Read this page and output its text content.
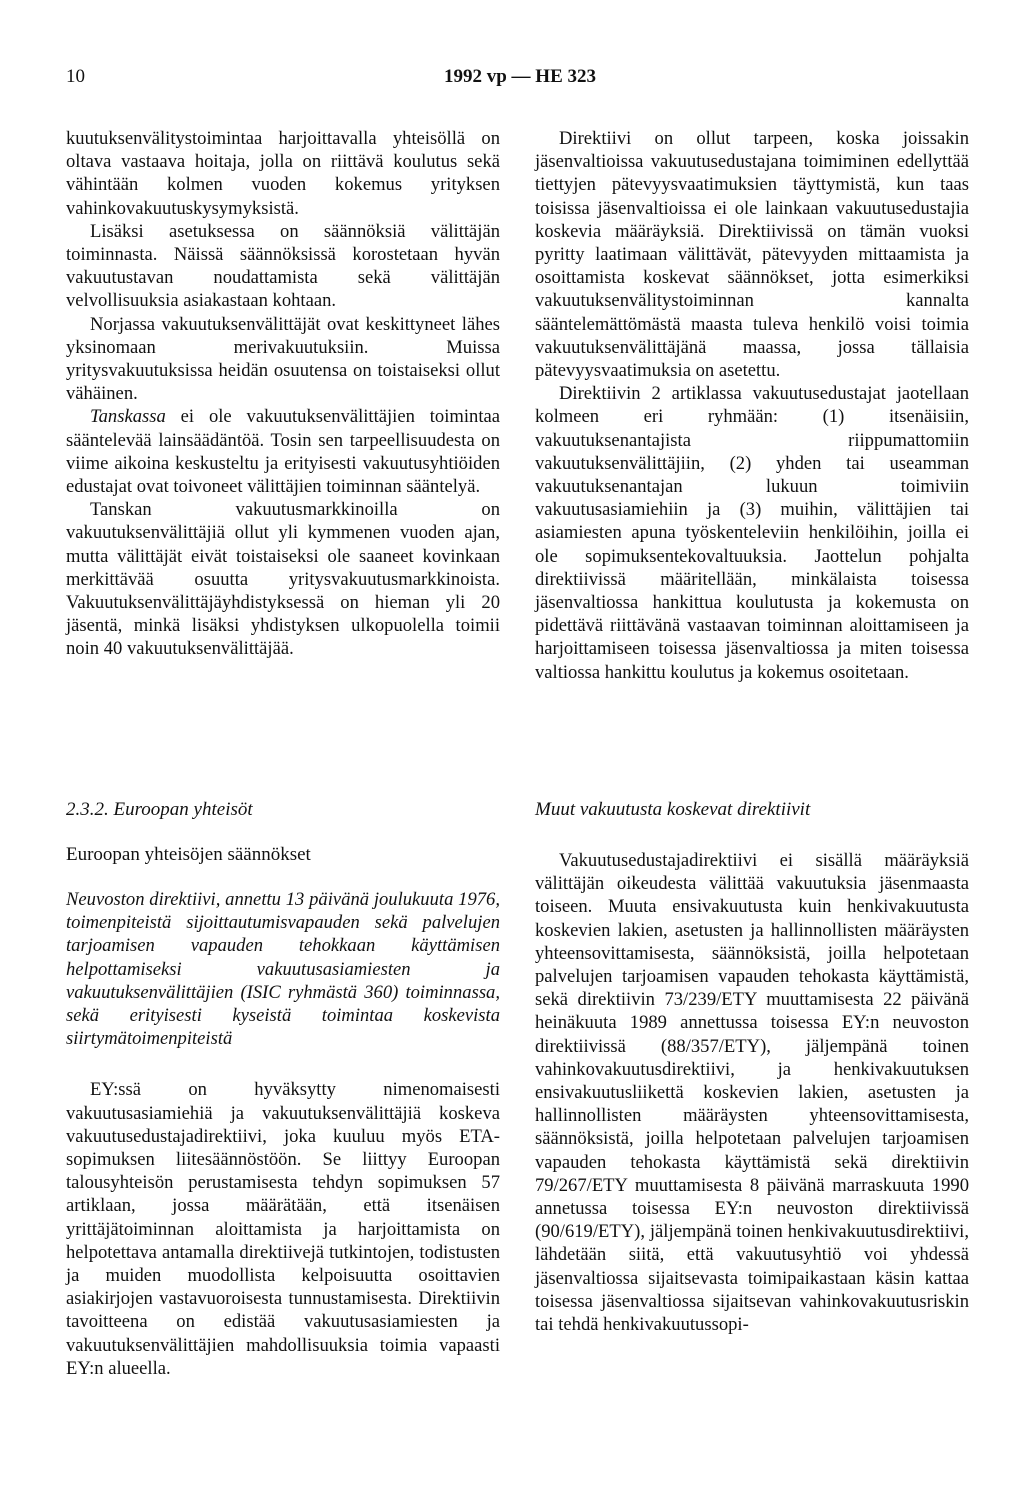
10	1992 vp — HE 323

kuutuksenvälitystoimintaa harjoittavalla yhteisöllä on oltava vastaava hoitaja, jolla on riittävä koulutus sekä vähintään kolmen vuoden kokemus yrityksen vahinkovakuutuskysymyksistä.

Lisäksi asetuksessa on säännöksiä välittäjän toiminnasta. Näissä säännöksissä korostetaan hyvän vakuutustavan noudattamista sekä välittäjän velvollisuuksia asiakastaan kohtaan.

Norjassa vakuutuksenvälittäjät ovat keskittyneet lähes yksinomaan merivakuutuksiin. Muissa yritysvakuutuksissa heidän osuutensa on toistaiseksi ollut vähäinen.

Tanskassa ei ole vakuutuksenvälittäjien toimintaa sääntelevää lainsäädäntöä. Tosin sen tarpeellisuudesta on viime aikoina keskusteltu ja erityisesti vakuutusyhtiöiden edustajat ovat toivoneet välittäjien toiminnan sääntelyä.

Tanskan vakuutusmarkkinoilla on vakuutuksenvälittäjiä ollut yli kymmenen vuoden ajan, mutta välittäjät eivät toistaiseksi ole saaneet kovinkaan merkittävää osuutta yritysvakuutusmarkkinoista. Vakuutuksenvälittäjäyhdistyksessä on hieman yli 20 jäsentä, minkä lisäksi yhdistyksen ulkopuolella toimii noin 40 vakuutuksenvälittäjää.

Direktiivi on ollut tarpeen, koska joissakin jäsenvaltioissa vakuutusedustajana toimiminen edellyttää tiettyjen pätevyysvaatimuksien täyttymistä, kun taas toisissa jäsenvaltioissa ei ole lainkaan vakuutusedustajia koskevia määräyksiä. Direktiivissä on tämän vuoksi pyritty laatimaan välittävät, pätevyyden mittaamista ja osoittamista koskevat säännökset, jotta esimerkiksi vakuutuksenvälitystoiminnan kannalta sääntelemättömästä maasta tuleva henkilö voisi toimia vakuutuksenvälittäjänä maassa, jossa tällaisia pätevyysvaatimuksia on asetettu.

Direktiivin 2 artiklassa vakuutusedustajat jaotellaan kolmeen eri ryhmään: (1) itsenäisiin, vakuutuksenantajista riippumattomiin vakuutuksenvälittäjiin, (2) yhden tai useamman vakuutuksenantajan lukuun toimiviin vakuutusasiamiehiin ja (3) muihin, välittäjien tai asiamiesten apuna työskenteleviin henkilöihin, joilla ei ole sopimuksentekovaltuuksia. Jaottelun pohjalta direktiivissä määritellään, minkälaista toisessa jäsenvaltiossa hankittua koulutusta ja kokemusta on pidettävä riittävänä vastaavan toiminnan aloittamiseen ja harjoittamiseen toisessa jäsenvaltiossa ja miten toisessa valtiossa hankittu koulutus ja kokemus osoitetaan.

2.3.2. Euroopan yhteisöt
Euroopan yhteisöjen säännökset

Neuvoston direktiivi, annettu 13 päivänä joulukuuta 1976, toimenpiteistä sijoittautumisvapauden sekä palvelujen tarjoamisen vapauden tehokkaan käyttämisen helpottamiseksi vakuutusasiamiesten ja vakuutuksenvälittäjien (ISIC ryhmästä 360) toiminnassa, sekä erityisesti kyseistä toimintaa koskevista siirtymätoimenpiteistä

EY:ssä on hyväksytty nimenomaisesti vakuutusasiamiehiä ja vakuutuksenvälittäjiä koskeva vakuutusedustajadirektiivi, joka kuuluu myös ETA-sopimuksen liitesäännöstöön. Se liittyy Euroopan talousyhteisön perustamisesta tehdyn sopimuksen 57 artiklaan, jossa määrätään, että itsenäisen yrittäjätoiminnan aloittamista ja harjoittamista on helpotettava antamalla direktiivejä tutkintojen, todistusten ja muiden muodollista kelpoisuutta osoittavien asiakirjojen vastavuoroisesta tunnustamisesta. Direktiivin tavoitteena on edistää vakuutusasiamiesten ja vakuutuksenvälittäjien mahdollisuuksia toimia vapaasti EY:n alueella.

Muut vakuutusta koskevat direktiivit

Vakuutusedustajadirektiivi ei sisällä määräyksiä välittäjän oikeudesta välittää vakuutuksia jäsenmaasta toiseen. Muuta ensivakuutusta kuin henkivakuutusta koskevien lakien, asetusten ja hallinnollisten määräysten yhteensovittamisesta, säännöksistä, joilla helpotetaan palvelujen tarjoamisen vapauden tehokasta käyttämistä, sekä direktiivin 73/239/ETY muuttamisesta 22 päivänä heinäkuuta 1989 annettussa toisessa EY:n neuvoston direktiivissä (88/357/ETY), jäljempänä toinen vahinkovakuutusdirektiivi, ja henkivakuutuksen ensivakuutusliikettä koskevien lakien, asetusten ja hallinnollisten määräysten yhteensovittamisesta, säännöksistä, joilla helpotetaan palvelujen tarjoamisen vapauden tehokasta käyttämistä sekä direktiivin 79/267/ETY muuttamisesta 8 päivänä marraskuuta 1990 annetussa toisessa EY:n neuvoston direktiivissä (90/619/ETY), jäljempänä toinen henkivakuutusdirektiivi, lähdetään siitä, että vakuutusyhtiö voi yhdessä jäsenvaltiossa sijaitsevasta toimipaikastaan käsin kattaa toisessa jäsenvaltiossa sijaitsevan vahinkovakuutusriskin tai tehdä henkivakuutussopi-
